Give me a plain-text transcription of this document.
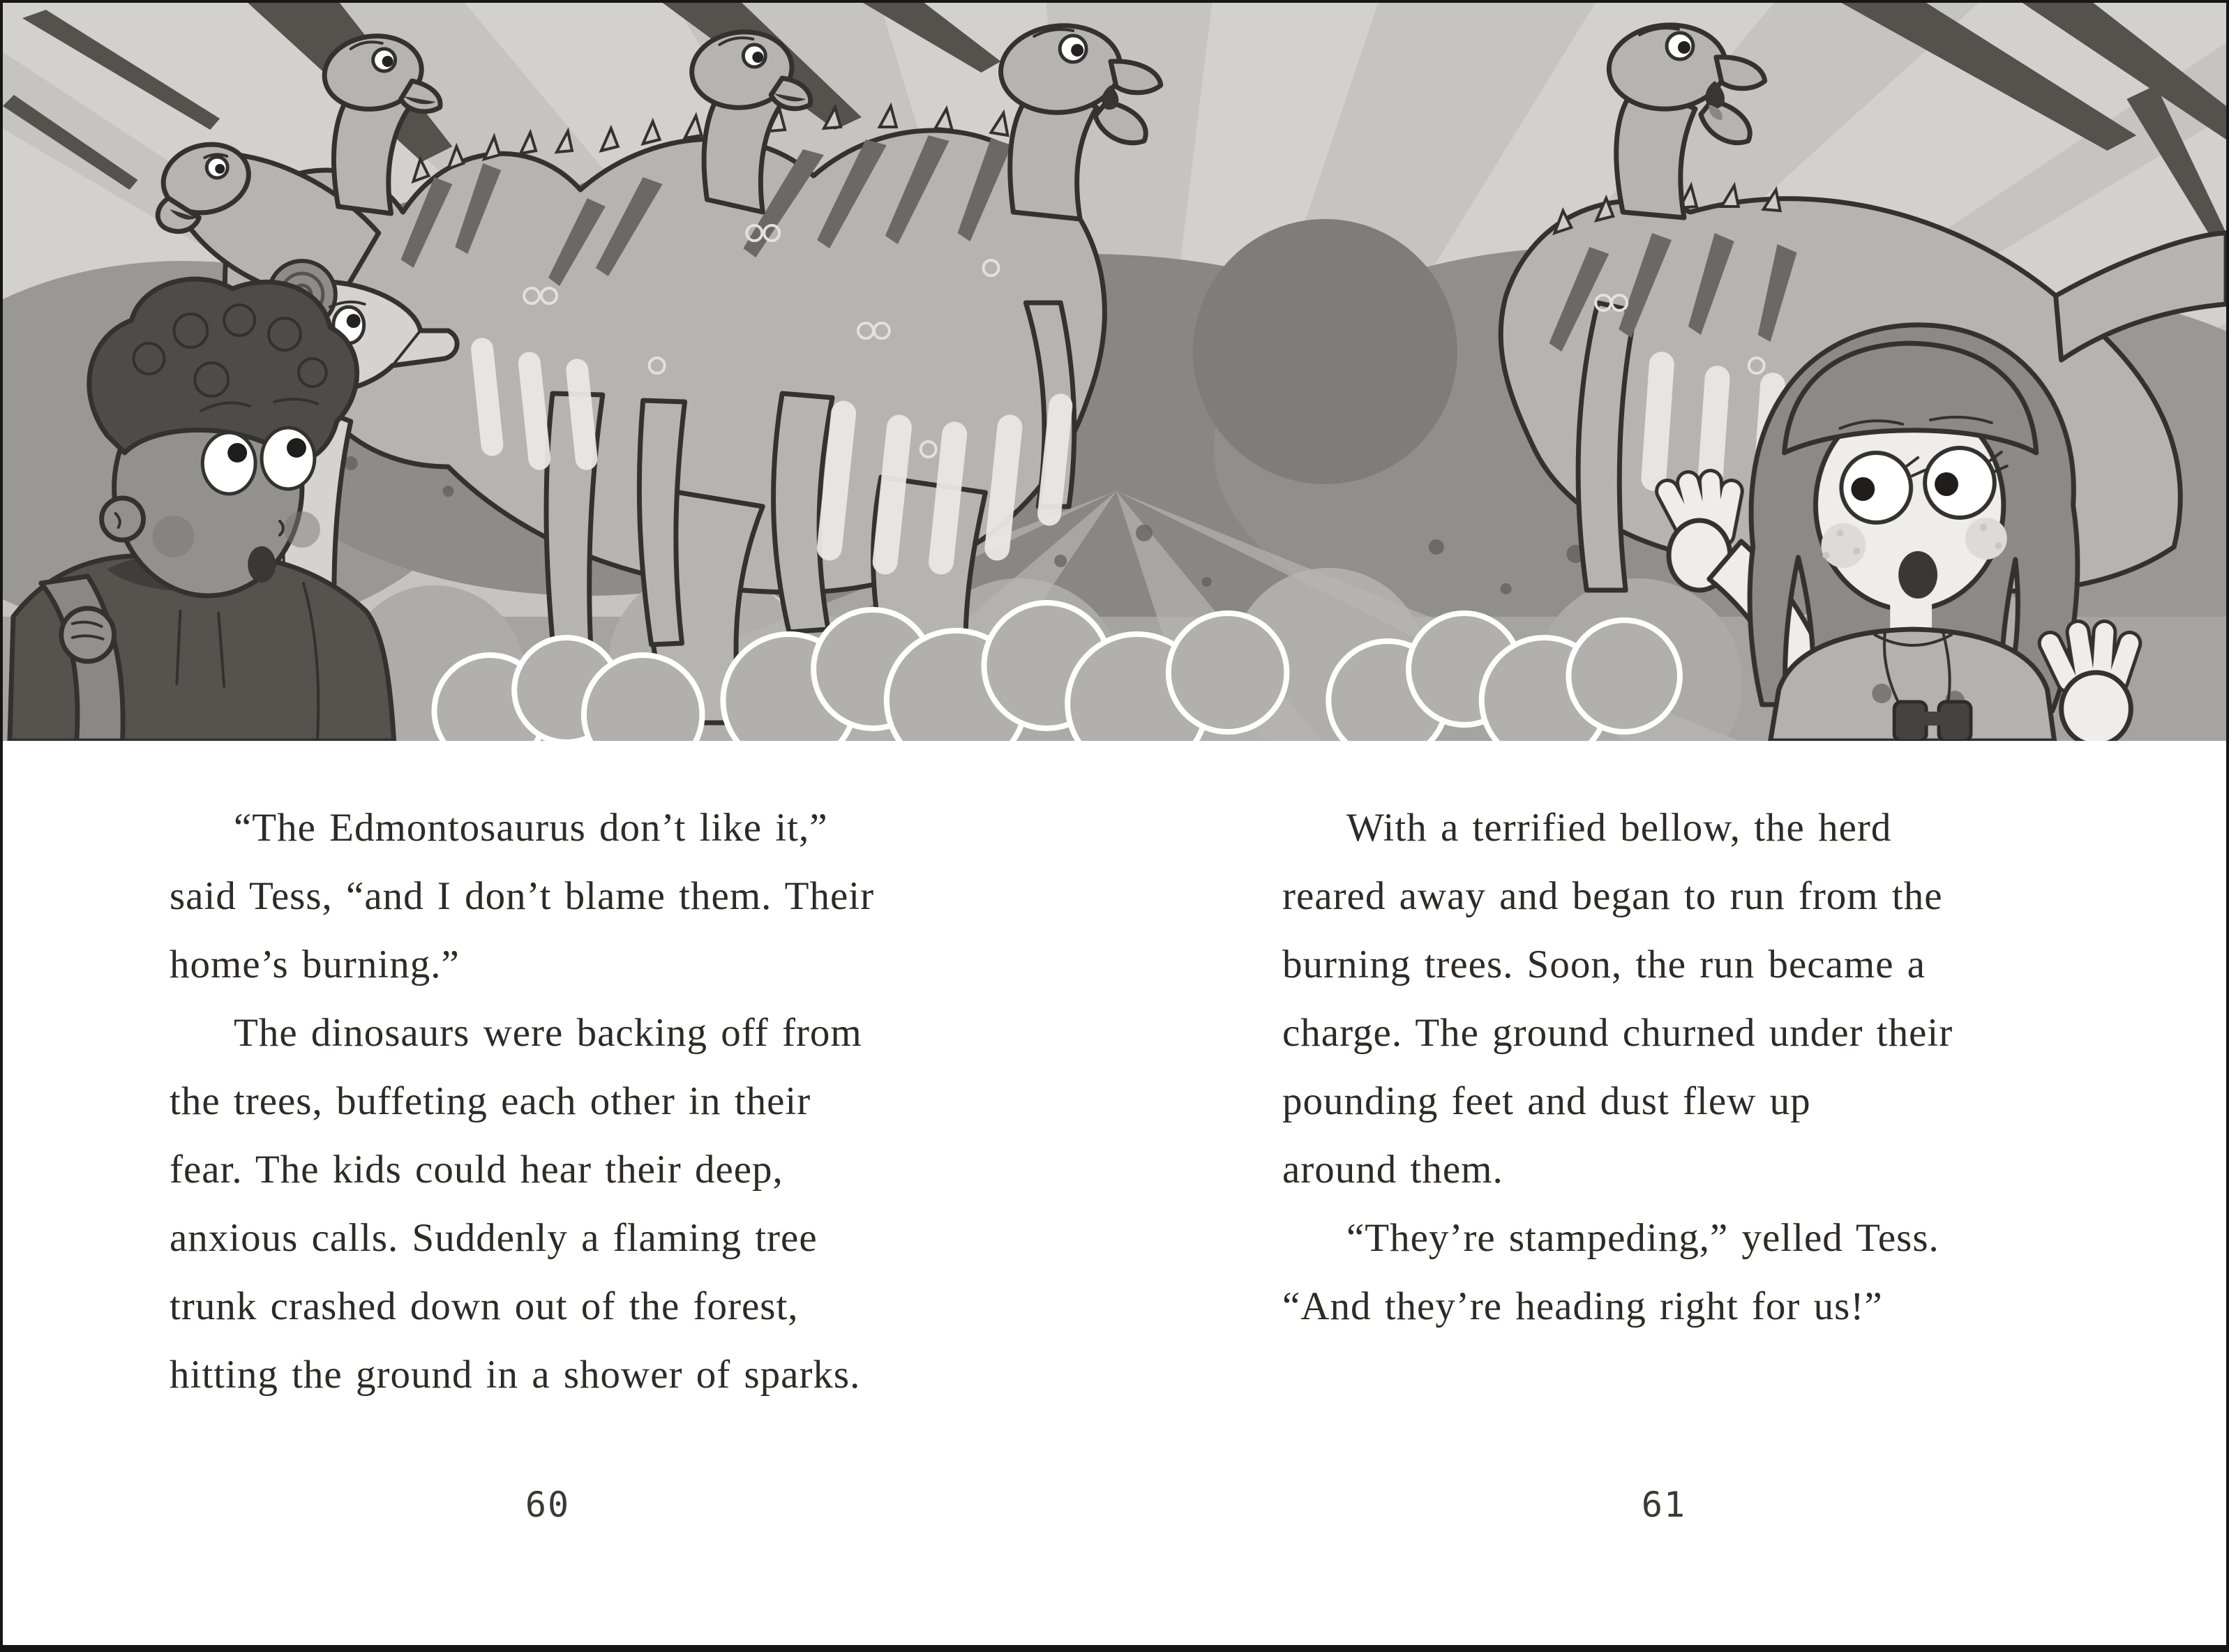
“The Edmontosaurus don’t like it,”
said Tess, “and I don’t blame them. Their
home’s burning.”
The dinosaurs were backing off from
the trees, buffeting each other in their
fear. The kids could hear their deep,
anxious calls. Suddenly a flaming tree
trunk crashed down out of the forest,
hitting the ground in a shower of sparks.
With a terrified bellow, the herd
reared away and began to run from the
burning trees. Soon, the run became a
charge. The ground churned under their
pounding feet and dust flew up
around them.
“They’re stampeding,” yelled Tess.
“And they’re heading right for us!”
60	61
